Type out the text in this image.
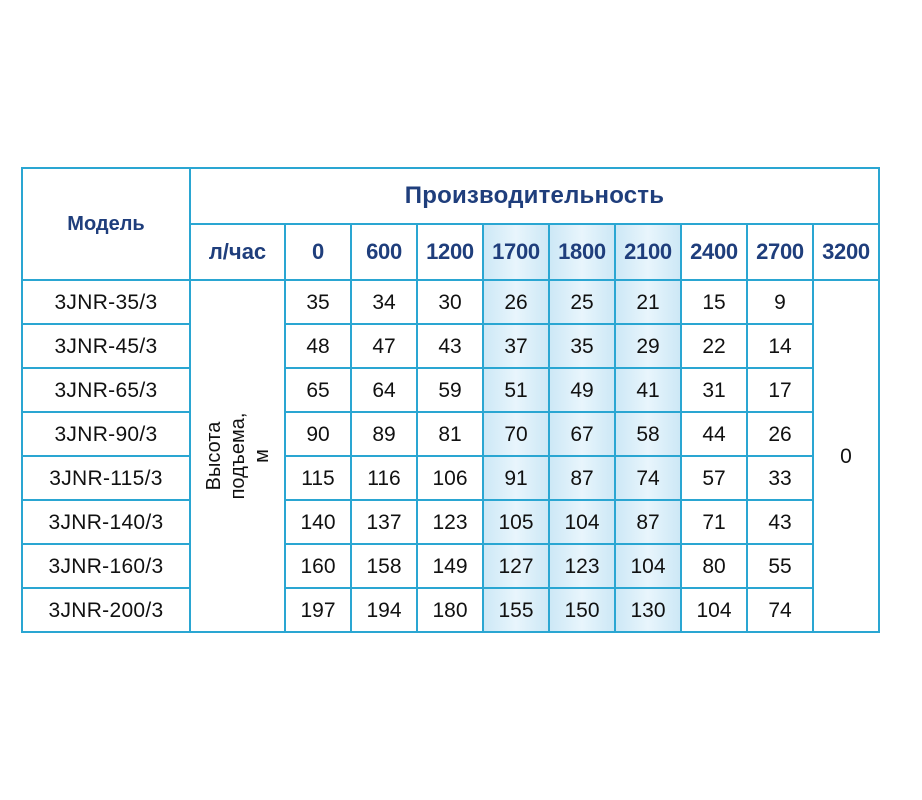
Модель	Производительность									
	л/час	0	600	1200	1700	1800	2100	2400	2700	3200
3JNR-35/3	Высота подъема, м	35	34	30	26	25	21	15	9	0
3JNR-45/3		48	47	43	37	35	29	22	14	
3JNR-65/3		65	64	59	51	49	41	31	17	
3JNR-90/3		90	89	81	70	67	58	44	26	
3JNR-115/3		115	116	106	91	87	74	57	33	
3JNR-140/3		140	137	123	105	104	87	71	43	
3JNR-160/3		160	158	149	127	123	104	80	55	
3JNR-200/3		197	194	180	155	150	130	104	74	
